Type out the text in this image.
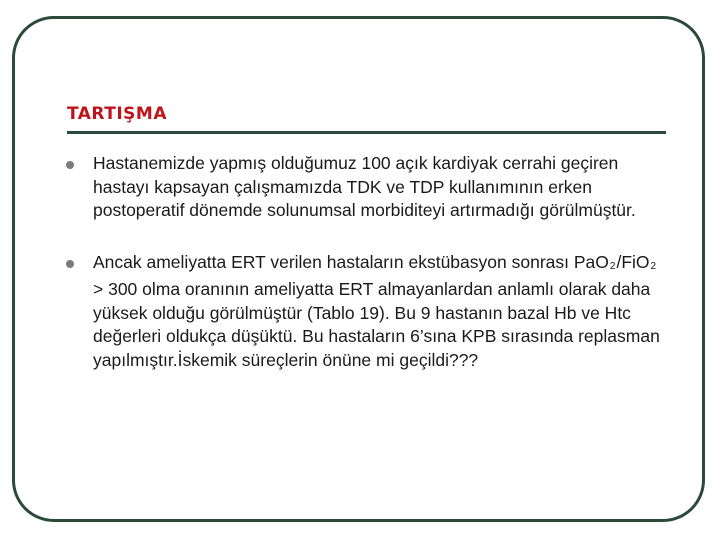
TARTIŞMA
Hastanemizde yapmış olduğumuz 100 açık kardiyak cerrahi geçiren hastayı kapsayan çalışmamızda TDK ve TDP kullanımının erken postoperatif dönemde solunumsal morbiditeyi artırmadığı görülmüştür.
Ancak ameliyatta ERT verilen hastaların ekstübasyon sonrası PaO2/FiO2 > 300 olma oranının ameliyatta ERT almayanlardan anlamlı olarak daha yüksek olduğu görülmüştür (Tablo 19). Bu 9 hastanın bazal Hb ve Htc değerleri oldukça düşüktü. Bu hastaların 6’sına KPB sırasında replasman yapılmıştır.İskemik süreçlerin önüne mi geçildi???
